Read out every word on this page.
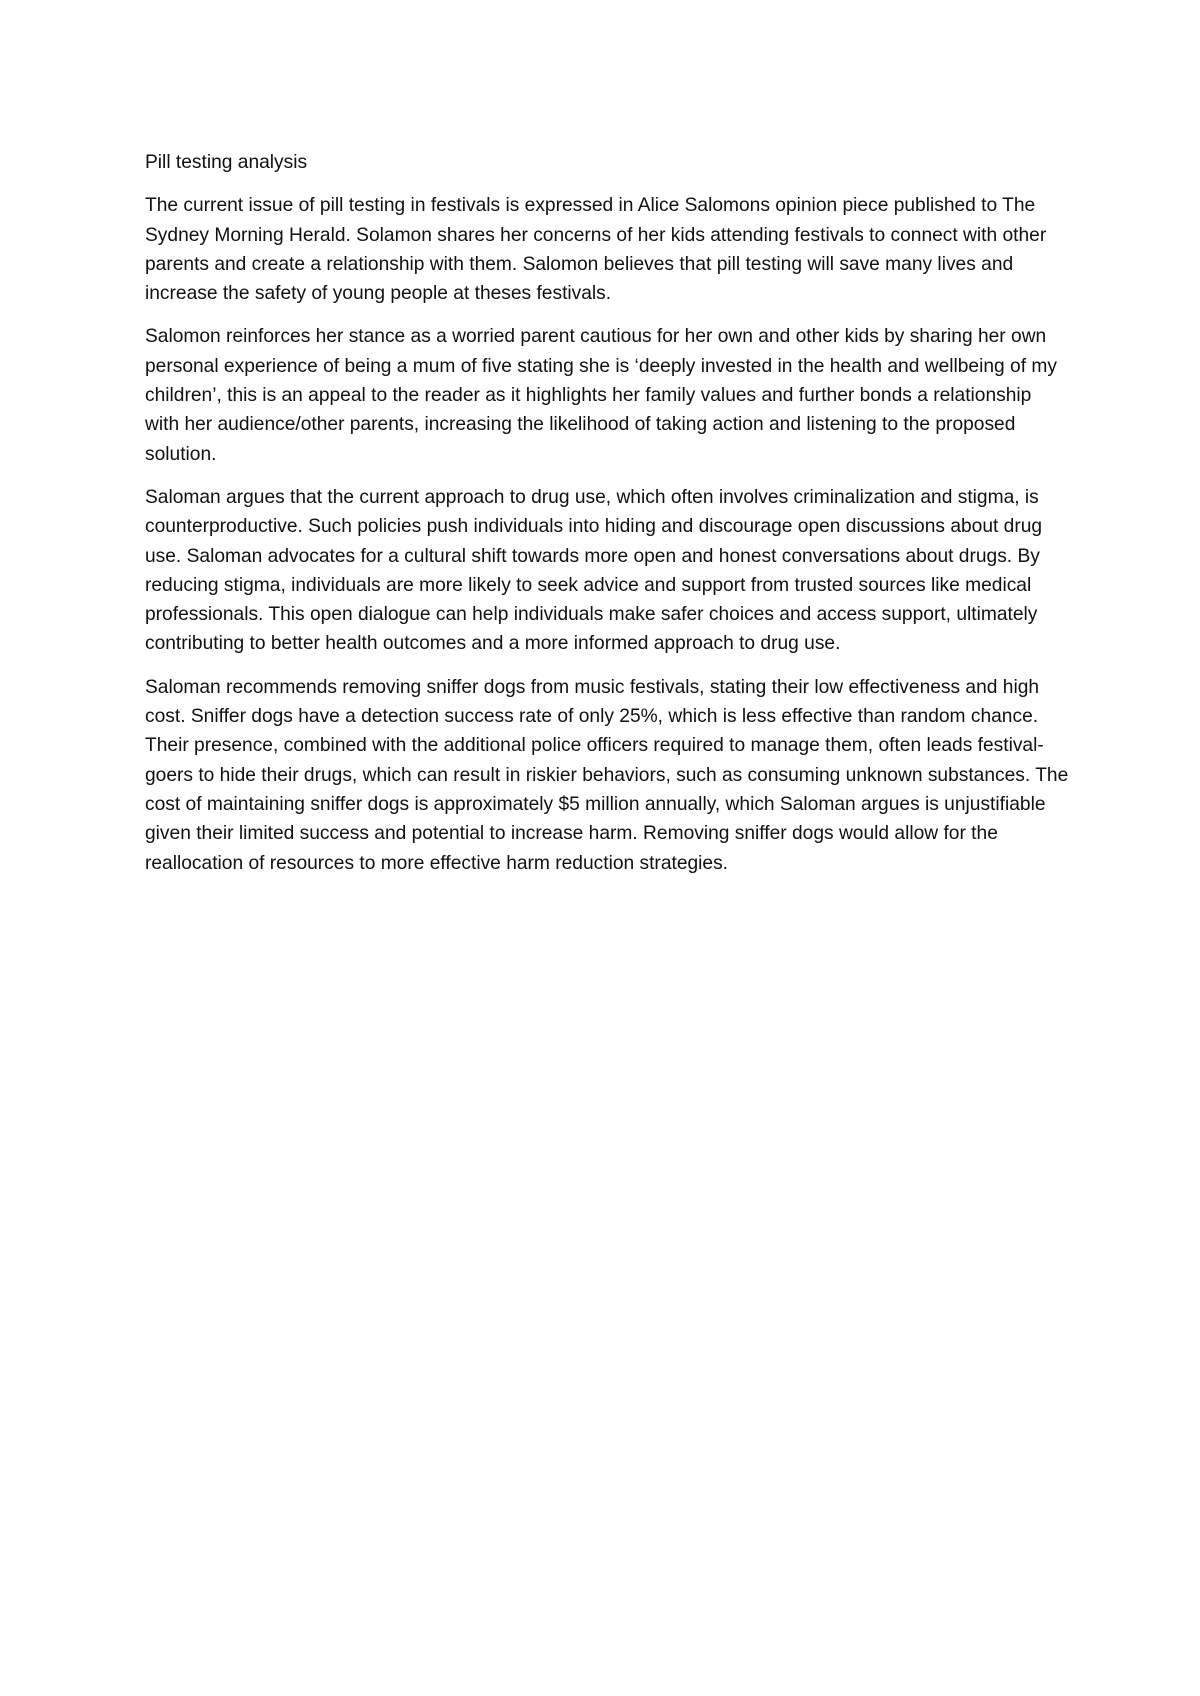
Pill testing analysis

The current issue of pill testing in festivals is expressed in Alice Salomons opinion piece published to The Sydney Morning Herald. Solamon shares her concerns of her kids attending festivals to connect with other parents and create a relationship with them. Salomon believes that pill testing will save many lives and increase the safety of young people at theses festivals.

Salomon reinforces her stance as a worried parent cautious for her own and other kids by sharing her own personal experience of being a mum of five stating she is ‘deeply invested in the health and wellbeing of my children’, this is an appeal to the reader as it highlights her family values and further bonds a relationship with her audience/other parents, increasing the likelihood of taking action and listening to the proposed solution.

Saloman argues that the current approach to drug use, which often involves criminalization and stigma, is counterproductive. Such policies push individuals into hiding and discourage open discussions about drug use. Saloman advocates for a cultural shift towards more open and honest conversations about drugs. By reducing stigma, individuals are more likely to seek advice and support from trusted sources like medical professionals. This open dialogue can help individuals make safer choices and access support, ultimately contributing to better health outcomes and a more informed approach to drug use.

Saloman recommends removing sniffer dogs from music festivals, stating their low effectiveness and high cost. Sniffer dogs have a detection success rate of only 25%, which is less effective than random chance. Their presence, combined with the additional police officers required to manage them, often leads festival-goers to hide their drugs, which can result in riskier behaviors, such as consuming unknown substances. The cost of maintaining sniffer dogs is approximately $5 million annually, which Saloman argues is unjustifiable given their limited success and potential to increase harm. Removing sniffer dogs would allow for the reallocation of resources to more effective harm reduction strategies.
